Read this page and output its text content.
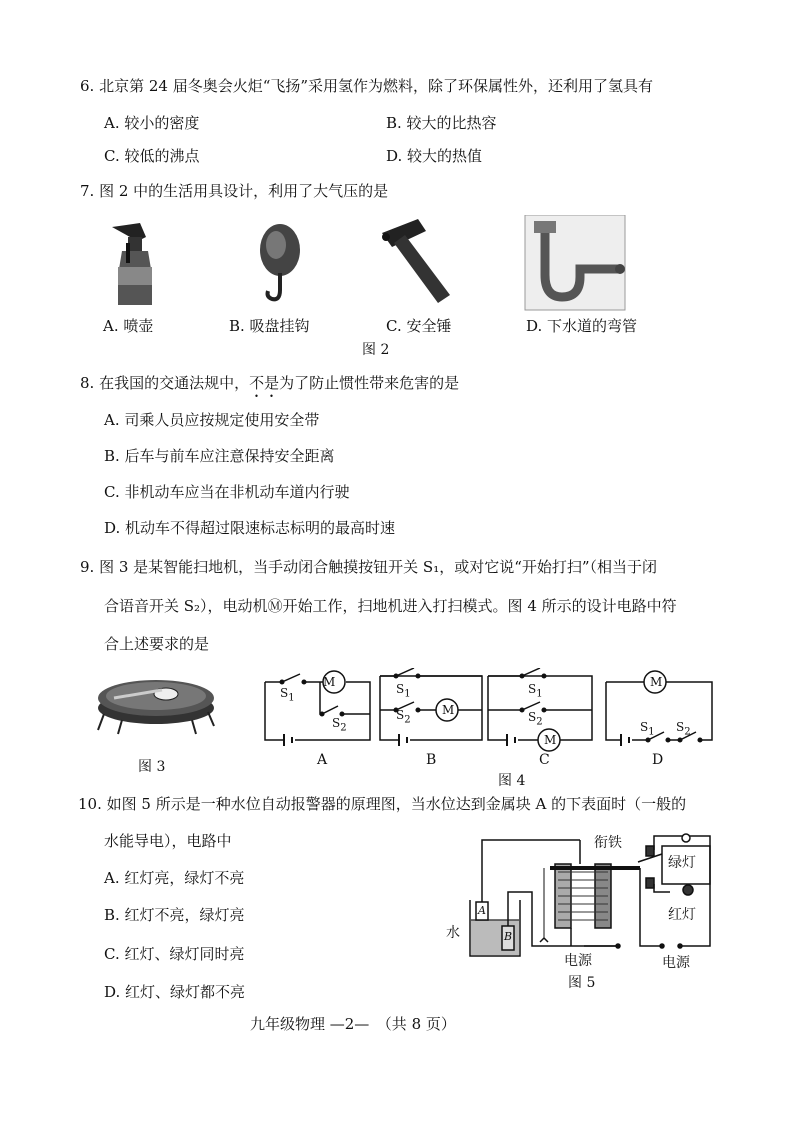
6. 北京第 24 届冬奥会火炬“飞扬”采用氢作为燃料，除了环保属性外，还利用了氢具有
A. 较小的密度	B. 较大的比热容
C. 较低的沸点	D. 较大的热值
7. 图 2 中的生活用具设计，利用了大气压的是
A. 喷壶	B. 吸盘挂钩	C. 安全锤	D. 下水道的弯管
图 2
8. 在我国的交通法规中，不是为了防止惯性带来危害的是
A. 司乘人员应按规定使用安全带
B. 后车与前车应注意保持安全距离
C. 非机动车应当在非机动车道内行驶
D. 机动车不得超过限速标志标明的最高时速
9. 图 3 是某智能扫地机，当手动闭合触摸按钮开关 S₁，或对它说“开始打扫”（相当于闭
合语音开关 S₂），电动机Ⓜ开始工作，扫地机进入打扫模式。图 4 所示的设计电路中符
合上述要求的是
图 3
M
M
M
M
$S_1$
$S_2$
$S_1$
$S_2$
$S_1$
$S_2$	$S_1$ $S_2$
A	B	C	D
图 4
10. 如图 5 所示是一种水位自动报警器的原理图，当水位达到金属块 A 的下表面时（一般的
水能导电），电路中
A. 红灯亮，绿灯不亮
B. 红灯不亮，绿灯亮
C. 红灯、绿灯同时亮
D. 红灯、绿灯都不亮
衔铁
绿灯
红灯
水
A
B
电源	电源
图 5
九年级物理 —2—　（共 8 页）
